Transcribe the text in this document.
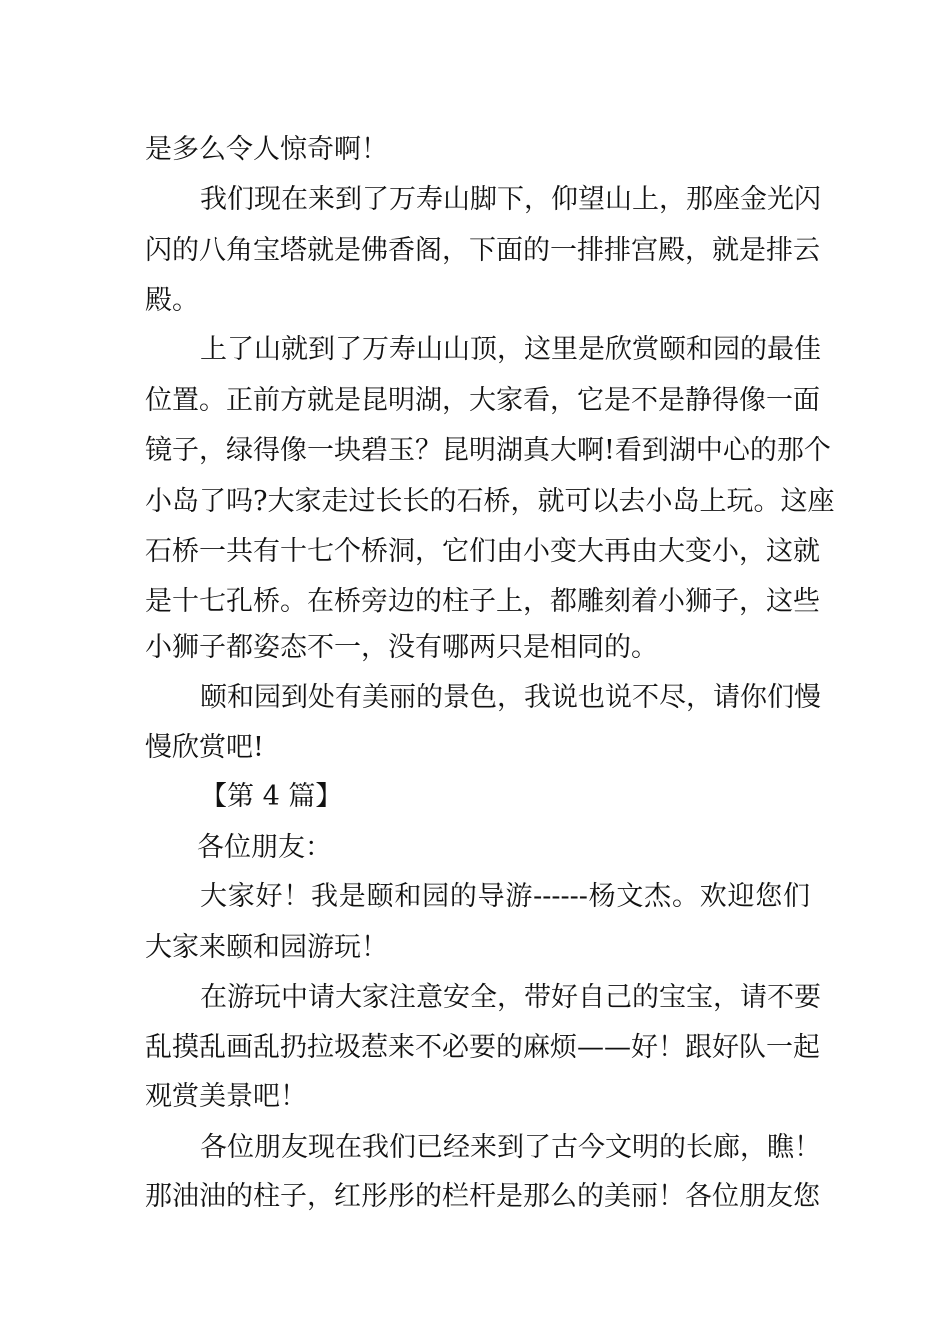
是多么令人惊奇啊！
我们现在来到了万寿山脚下，仰望山上，那座金光闪
闪的八角宝塔就是佛香阁，下面的一排排宫殿，就是排云
殿。
上了山就到了万寿山山顶，这里是欣赏颐和园的最佳
位置。正前方就是昆明湖，大家看，它是不是静得像一面
镜子，绿得像一块碧玉？昆明湖真大啊!看到湖中心的那个
小岛了吗?大家走过长长的石桥，就可以去小岛上玩。这座
石桥一共有十七个桥洞，它们由小变大再由大变小，这就
是十七孔桥。在桥旁边的柱子上，都雕刻着小狮子，这些
小狮子都姿态不一，没有哪两只是相同的。
颐和园到处有美丽的景色，我说也说不尽，请你们慢
慢欣赏吧!
【第 4 篇】
各位朋友：
大家好！我是颐和园的导游------杨文杰。欢迎您们
大家来颐和园游玩！
在游玩中请大家注意安全，带好自己的宝宝，请不要
乱摸乱画乱扔拉圾惹来不必要的麻烦——好！跟好队一起
观赏美景吧！
各位朋友现在我们已经来到了古今文明的长廊，瞧！
那油油的柱子，红彤彤的栏杆是那么的美丽！各位朋友您
